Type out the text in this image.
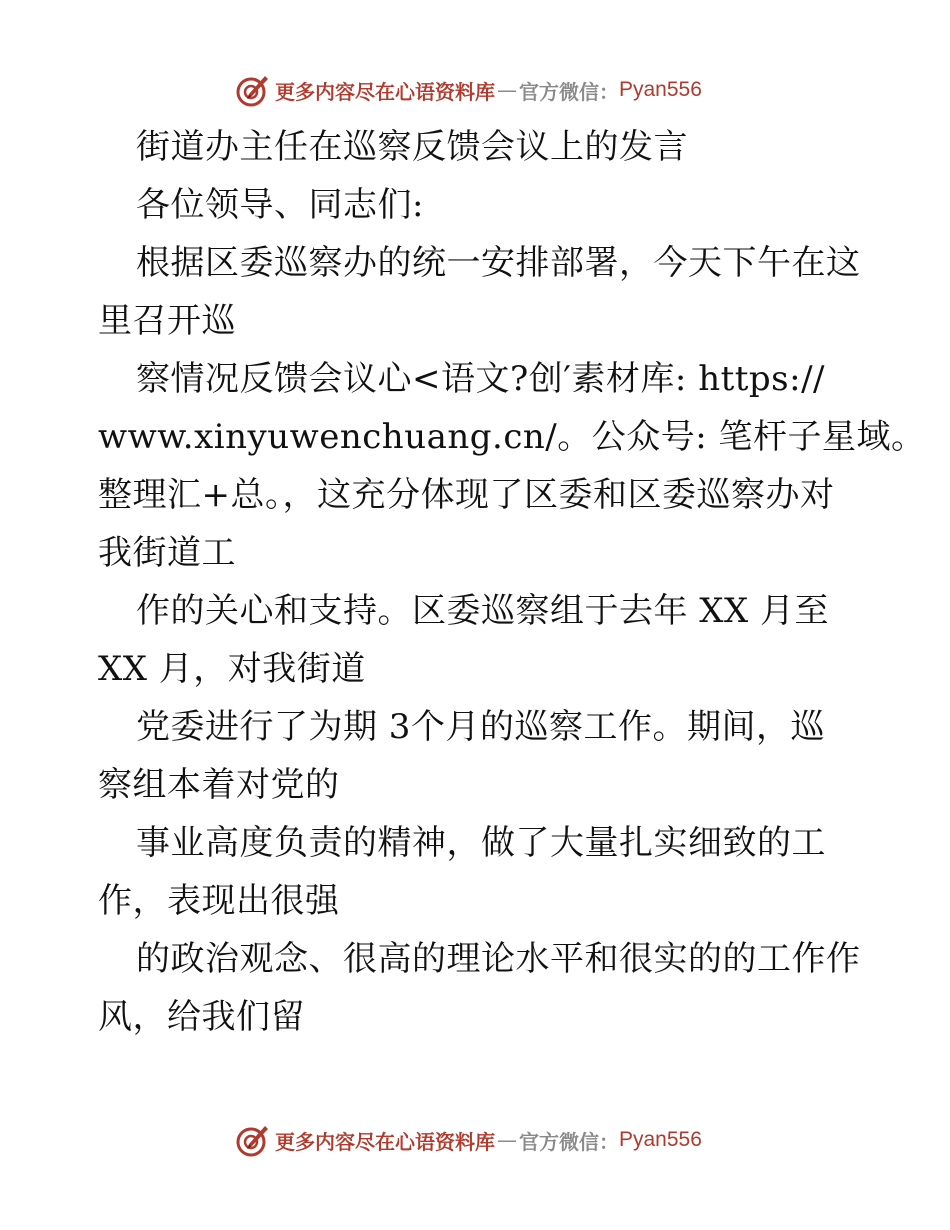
更多内容尽在心语资料库 — 官方微信： Pyan556
街道办主任在巡察反馈会议上的发言
各位领导、同志们:
根据区委巡察办的统一安排部署，今天下午在这
里召开巡
察情况反馈会议心<语文?创′素材库: https://
www.xinyuwenchuang.cn/。公众号: 笔杆子星域。
整理汇+总。，这充分体现了区委和区委巡察办对
我街道工
作的关心和支持。区委巡察组于去年 XX 月至
XX 月，对我街道
党委进行了为期 3个月的巡察工作。期间，巡
察组本着对党的
事业高度负责的精神，做了大量扎实细致的工
作，表现出很强
的政治观念、很高的理论水平和很实的的工作作
风，给我们留
更多内容尽在心语资料库 — 官方微信： Pyan556
